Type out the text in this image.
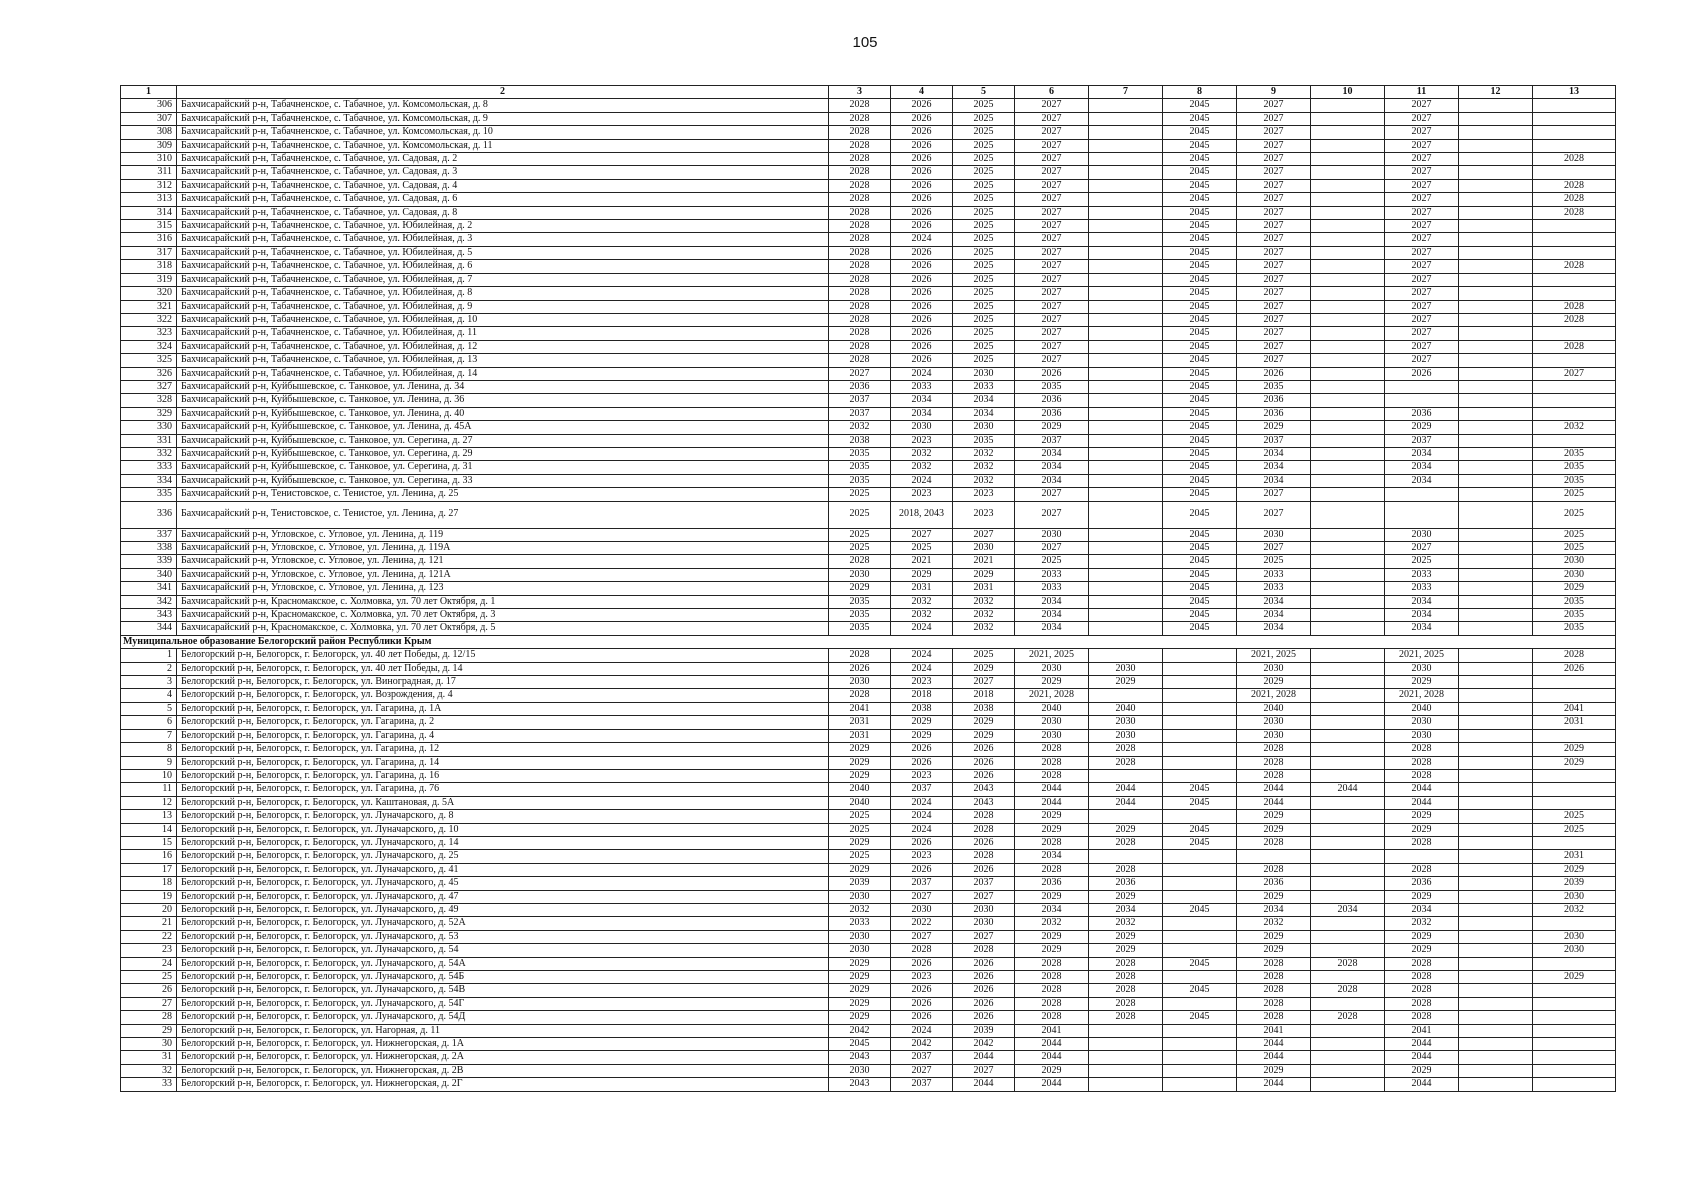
105
1	2	3	4	5	6	7	8	9	10	11	12	13
306	Бахчисарайский р-н, Табачненское, с. Табачное, ул. Комсомольская, д. 8	2028	2026	2025	2027		2045	2027		2027		
307	Бахчисарайский р-н, Табачненское, с. Табачное, ул. Комсомольская, д. 9	2028	2026	2025	2027		2045	2027		2027		
308	Бахчисарайский р-н, Табачненское, с. Табачное, ул. Комсомольская, д. 10	2028	2026	2025	2027		2045	2027		2027		
309	Бахчисарайский р-н, Табачненское, с. Табачное, ул. Комсомольская, д. 11	2028	2026	2025	2027		2045	2027		2027		
310	Бахчисарайский р-н, Табачненское, с. Табачное, ул. Садовая, д. 2	2028	2026	2025	2027		2045	2027		2027		2028
311	Бахчисарайский р-н, Табачненское, с. Табачное, ул. Садовая, д. 3	2028	2026	2025	2027		2045	2027		2027		
312	Бахчисарайский р-н, Табачненское, с. Табачное, ул. Садовая, д. 4	2028	2026	2025	2027		2045	2027		2027		2028
313	Бахчисарайский р-н, Табачненское, с. Табачное, ул. Садовая, д. 6	2028	2026	2025	2027		2045	2027		2027		2028
314	Бахчисарайский р-н, Табачненское, с. Табачное, ул. Садовая, д. 8	2028	2026	2025	2027		2045	2027		2027		2028
315	Бахчисарайский р-н, Табачненское, с. Табачное, ул. Юбилейная, д. 2	2028	2026	2025	2027		2045	2027		2027		
316	Бахчисарайский р-н, Табачненское, с. Табачное, ул. Юбилейная, д. 3	2028	2024	2025	2027		2045	2027		2027		
317	Бахчисарайский р-н, Табачненское, с. Табачное, ул. Юбилейная, д. 5	2028	2026	2025	2027		2045	2027		2027		
318	Бахчисарайский р-н, Табачненское, с. Табачное, ул. Юбилейная, д. 6	2028	2026	2025	2027		2045	2027		2027		2028
319	Бахчисарайский р-н, Табачненское, с. Табачное, ул. Юбилейная, д. 7	2028	2026	2025	2027		2045	2027		2027		
320	Бахчисарайский р-н, Табачненское, с. Табачное, ул. Юбилейная, д. 8	2028	2026	2025	2027		2045	2027		2027		
321	Бахчисарайский р-н, Табачненское, с. Табачное, ул. Юбилейная, д. 9	2028	2026	2025	2027		2045	2027		2027		2028
322	Бахчисарайский р-н, Табачненское, с. Табачное, ул. Юбилейная, д. 10	2028	2026	2025	2027		2045	2027		2027		2028
323	Бахчисарайский р-н, Табачненское, с. Табачное, ул. Юбилейная, д. 11	2028	2026	2025	2027		2045	2027		2027		
324	Бахчисарайский р-н, Табачненское, с. Табачное, ул. Юбилейная, д. 12	2028	2026	2025	2027		2045	2027		2027		2028
325	Бахчисарайский р-н, Табачненское, с. Табачное, ул. Юбилейная, д. 13	2028	2026	2025	2027		2045	2027		2027		
326	Бахчисарайский р-н, Табачненское, с. Табачное, ул. Юбилейная, д. 14	2027	2024	2030	2026		2045	2026		2026		2027
327	Бахчисарайский р-н, Куйбышевское, с. Танковое, ул. Ленина, д. 34	2036	2033	2033	2035		2045	2035				
328	Бахчисарайский р-н, Куйбышевское, с. Танковое, ул. Ленина, д. 36	2037	2034	2034	2036		2045	2036				
329	Бахчисарайский р-н, Куйбышевское, с. Танковое, ул. Ленина, д. 40	2037	2034	2034	2036		2045	2036		2036		
330	Бахчисарайский р-н, Куйбышевское, с. Танковое, ул. Ленина, д. 45А	2032	2030	2030	2029		2045	2029		2029		2032
331	Бахчисарайский р-н, Куйбышевское, с. Танковое, ул. Серегина, д. 27	2038	2023	2035	2037		2045	2037		2037		
332	Бахчисарайский р-н, Куйбышевское, с. Танковое, ул. Серегина, д. 29	2035	2032	2032	2034		2045	2034		2034		2035
333	Бахчисарайский р-н, Куйбышевское, с. Танковое, ул. Серегина, д. 31	2035	2032	2032	2034		2045	2034		2034		2035
334	Бахчисарайский р-н, Куйбышевское, с. Танковое, ул. Серегина, д. 33	2035	2024	2032	2034		2045	2034		2034		2035
335	Бахчисарайский р-н, Тенистовское, с. Тенистое, ул. Ленина, д. 25	2025	2023	2023	2027		2045	2027				2025
336	Бахчисарайский р-н, Тенистовское, с. Тенистое, ул. Ленина, д. 27	2025	2018, 2043	2023	2027		2045	2027				2025
337	Бахчисарайский р-н, Угловское, с. Угловое, ул. Ленина, д. 119	2025	2027	2027	2030		2045	2030		2030		2025
338	Бахчисарайский р-н, Угловское, с. Угловое, ул. Ленина, д. 119А	2025	2025	2030	2027		2045	2027		2027		2025
339	Бахчисарайский р-н, Угловское, с. Угловое, ул. Ленина, д. 121	2028	2021	2021	2025		2045	2025		2025		2030
340	Бахчисарайский р-н, Угловское, с. Угловое, ул. Ленина, д. 121А	2030	2029	2029	2033		2045	2033		2033		2030
341	Бахчисарайский р-н, Угловское, с. Угловое, ул. Ленина, д. 123	2029	2031	2031	2033		2045	2033		2033		2029
342	Бахчисарайский р-н, Красномакское, с. Холмовка, ул. 70 лет Октября, д. 1	2035	2032	2032	2034		2045	2034		2034		2035
343	Бахчисарайский р-н, Красномакское, с. Холмовка, ул. 70 лет Октября, д. 3	2035	2032	2032	2034		2045	2034		2034		2035
344	Бахчисарайский р-н, Красномакское, с. Холмовка, ул. 70 лет Октября, д. 5	2035	2024	2032	2034		2045	2034		2034		2035
Муниципальное образование Белогорский район Республики Крым												
1	Белогорский р-н, Белогорск, г. Белогорск, ул. 40 лет Победы, д. 12/15	2028	2024	2025	2021, 2025			2021, 2025		2021, 2025		2028
2	Белогорский р-н, Белогорск, г. Белогорск, ул. 40 лет Победы, д. 14	2026	2024	2029	2030	2030		2030		2030		2026
3	Белогорский р-н, Белогорск, г. Белогорск, ул. Виноградная, д. 17	2030	2023	2027	2029	2029		2029		2029		
4	Белогорский р-н, Белогорск, г. Белогорск, ул. Возрождения, д. 4	2028	2018	2018	2021, 2028			2021, 2028		2021, 2028		
5	Белогорский р-н, Белогорск, г. Белогорск, ул. Гагарина, д. 1А	2041	2038	2038	2040	2040		2040		2040		2041
6	Белогорский р-н, Белогорск, г. Белогорск, ул. Гагарина, д. 2	2031	2029	2029	2030	2030		2030		2030		2031
7	Белогорский р-н, Белогорск, г. Белогорск, ул. Гагарина, д. 4	2031	2029	2029	2030	2030		2030		2030		
8	Белогорский р-н, Белогорск, г. Белогорск, ул. Гагарина, д. 12	2029	2026	2026	2028	2028		2028		2028		2029
9	Белогорский р-н, Белогорск, г. Белогорск, ул. Гагарина, д. 14	2029	2026	2026	2028	2028		2028		2028		2029
10	Белогорский р-н, Белогорск, г. Белогорск, ул. Гагарина, д. 16	2029	2023	2026	2028			2028		2028		
11	Белогорский р-н, Белогорск, г. Белогорск, ул. Гагарина, д. 76	2040	2037	2043	2044	2044	2045	2044	2044	2044		
12	Белогорский р-н, Белогорск, г. Белогорск, ул. Каштановая, д. 5А	2040	2024	2043	2044	2044	2045	2044		2044		
13	Белогорский р-н, Белогорск, г. Белогорск, ул. Луначарского, д. 8	2025	2024	2028	2029			2029		2029		2025
14	Белогорский р-н, Белогорск, г. Белогорск, ул. Луначарского, д. 10	2025	2024	2028	2029	2029	2045	2029		2029		2025
15	Белогорский р-н, Белогорск, г. Белогорск, ул. Луначарского, д. 14	2029	2026	2026	2028	2028	2045	2028		2028		
16	Белогорский р-н, Белогорск, г. Белогорск, ул. Луначарского, д. 25	2025	2023	2028	2034							2031
17	Белогорский р-н, Белогорск, г. Белогорск, ул. Луначарского, д. 41	2029	2026	2026	2028	2028		2028		2028		2029
18	Белогорский р-н, Белогорск, г. Белогорск, ул. Луначарского, д. 45	2039	2037	2037	2036	2036		2036		2036		2039
19	Белогорский р-н, Белогорск, г. Белогорск, ул. Луначарского, д. 47	2030	2027	2027	2029	2029		2029		2029		2030
20	Белогорский р-н, Белогорск, г. Белогорск, ул. Луначарского, д. 49	2032	2030	2030	2034	2034	2045	2034	2034	2034		2032
21	Белогорский р-н, Белогорск, г. Белогорск, ул. Луначарского, д. 52А	2033	2022	2030	2032	2032		2032		2032		
22	Белогорский р-н, Белогорск, г. Белогорск, ул. Луначарского, д. 53	2030	2027	2027	2029	2029		2029		2029		2030
23	Белогорский р-н, Белогорск, г. Белогорск, ул. Луначарского, д. 54	2030	2028	2028	2029	2029		2029		2029		2030
24	Белогорский р-н, Белогорск, г. Белогорск, ул. Луначарского, д. 54А	2029	2026	2026	2028	2028	2045	2028	2028	2028		
25	Белогорский р-н, Белогорск, г. Белогорск, ул. Луначарского, д. 54Б	2029	2023	2026	2028	2028		2028		2028		2029
26	Белогорский р-н, Белогорск, г. Белогорск, ул. Луначарского, д. 54В	2029	2026	2026	2028	2028	2045	2028	2028	2028		
27	Белогорский р-н, Белогорск, г. Белогорск, ул. Луначарского, д. 54Г	2029	2026	2026	2028	2028		2028		2028		
28	Белогорский р-н, Белогорск, г. Белогорск, ул. Луначарского, д. 54Д	2029	2026	2026	2028	2028	2045	2028	2028	2028		
29	Белогорский р-н, Белогорск, г. Белогорск, ул. Нагорная, д. 11	2042	2024	2039	2041			2041		2041		
30	Белогорский р-н, Белогорск, г. Белогорск, ул. Нижнегорская, д. 1А	2045	2042	2042	2044			2044		2044		
31	Белогорский р-н, Белогорск, г. Белогорск, ул. Нижнегорская, д. 2А	2043	2037	2044	2044			2044		2044		
32	Белогорский р-н, Белогорск, г. Белогорск, ул. Нижнегорская, д. 2В	2030	2027	2027	2029			2029		2029		
33	Белогорский р-н, Белогорск, г. Белогорск, ул. Нижнегорская, д. 2Г	2043	2037	2044	2044			2044		2044		
